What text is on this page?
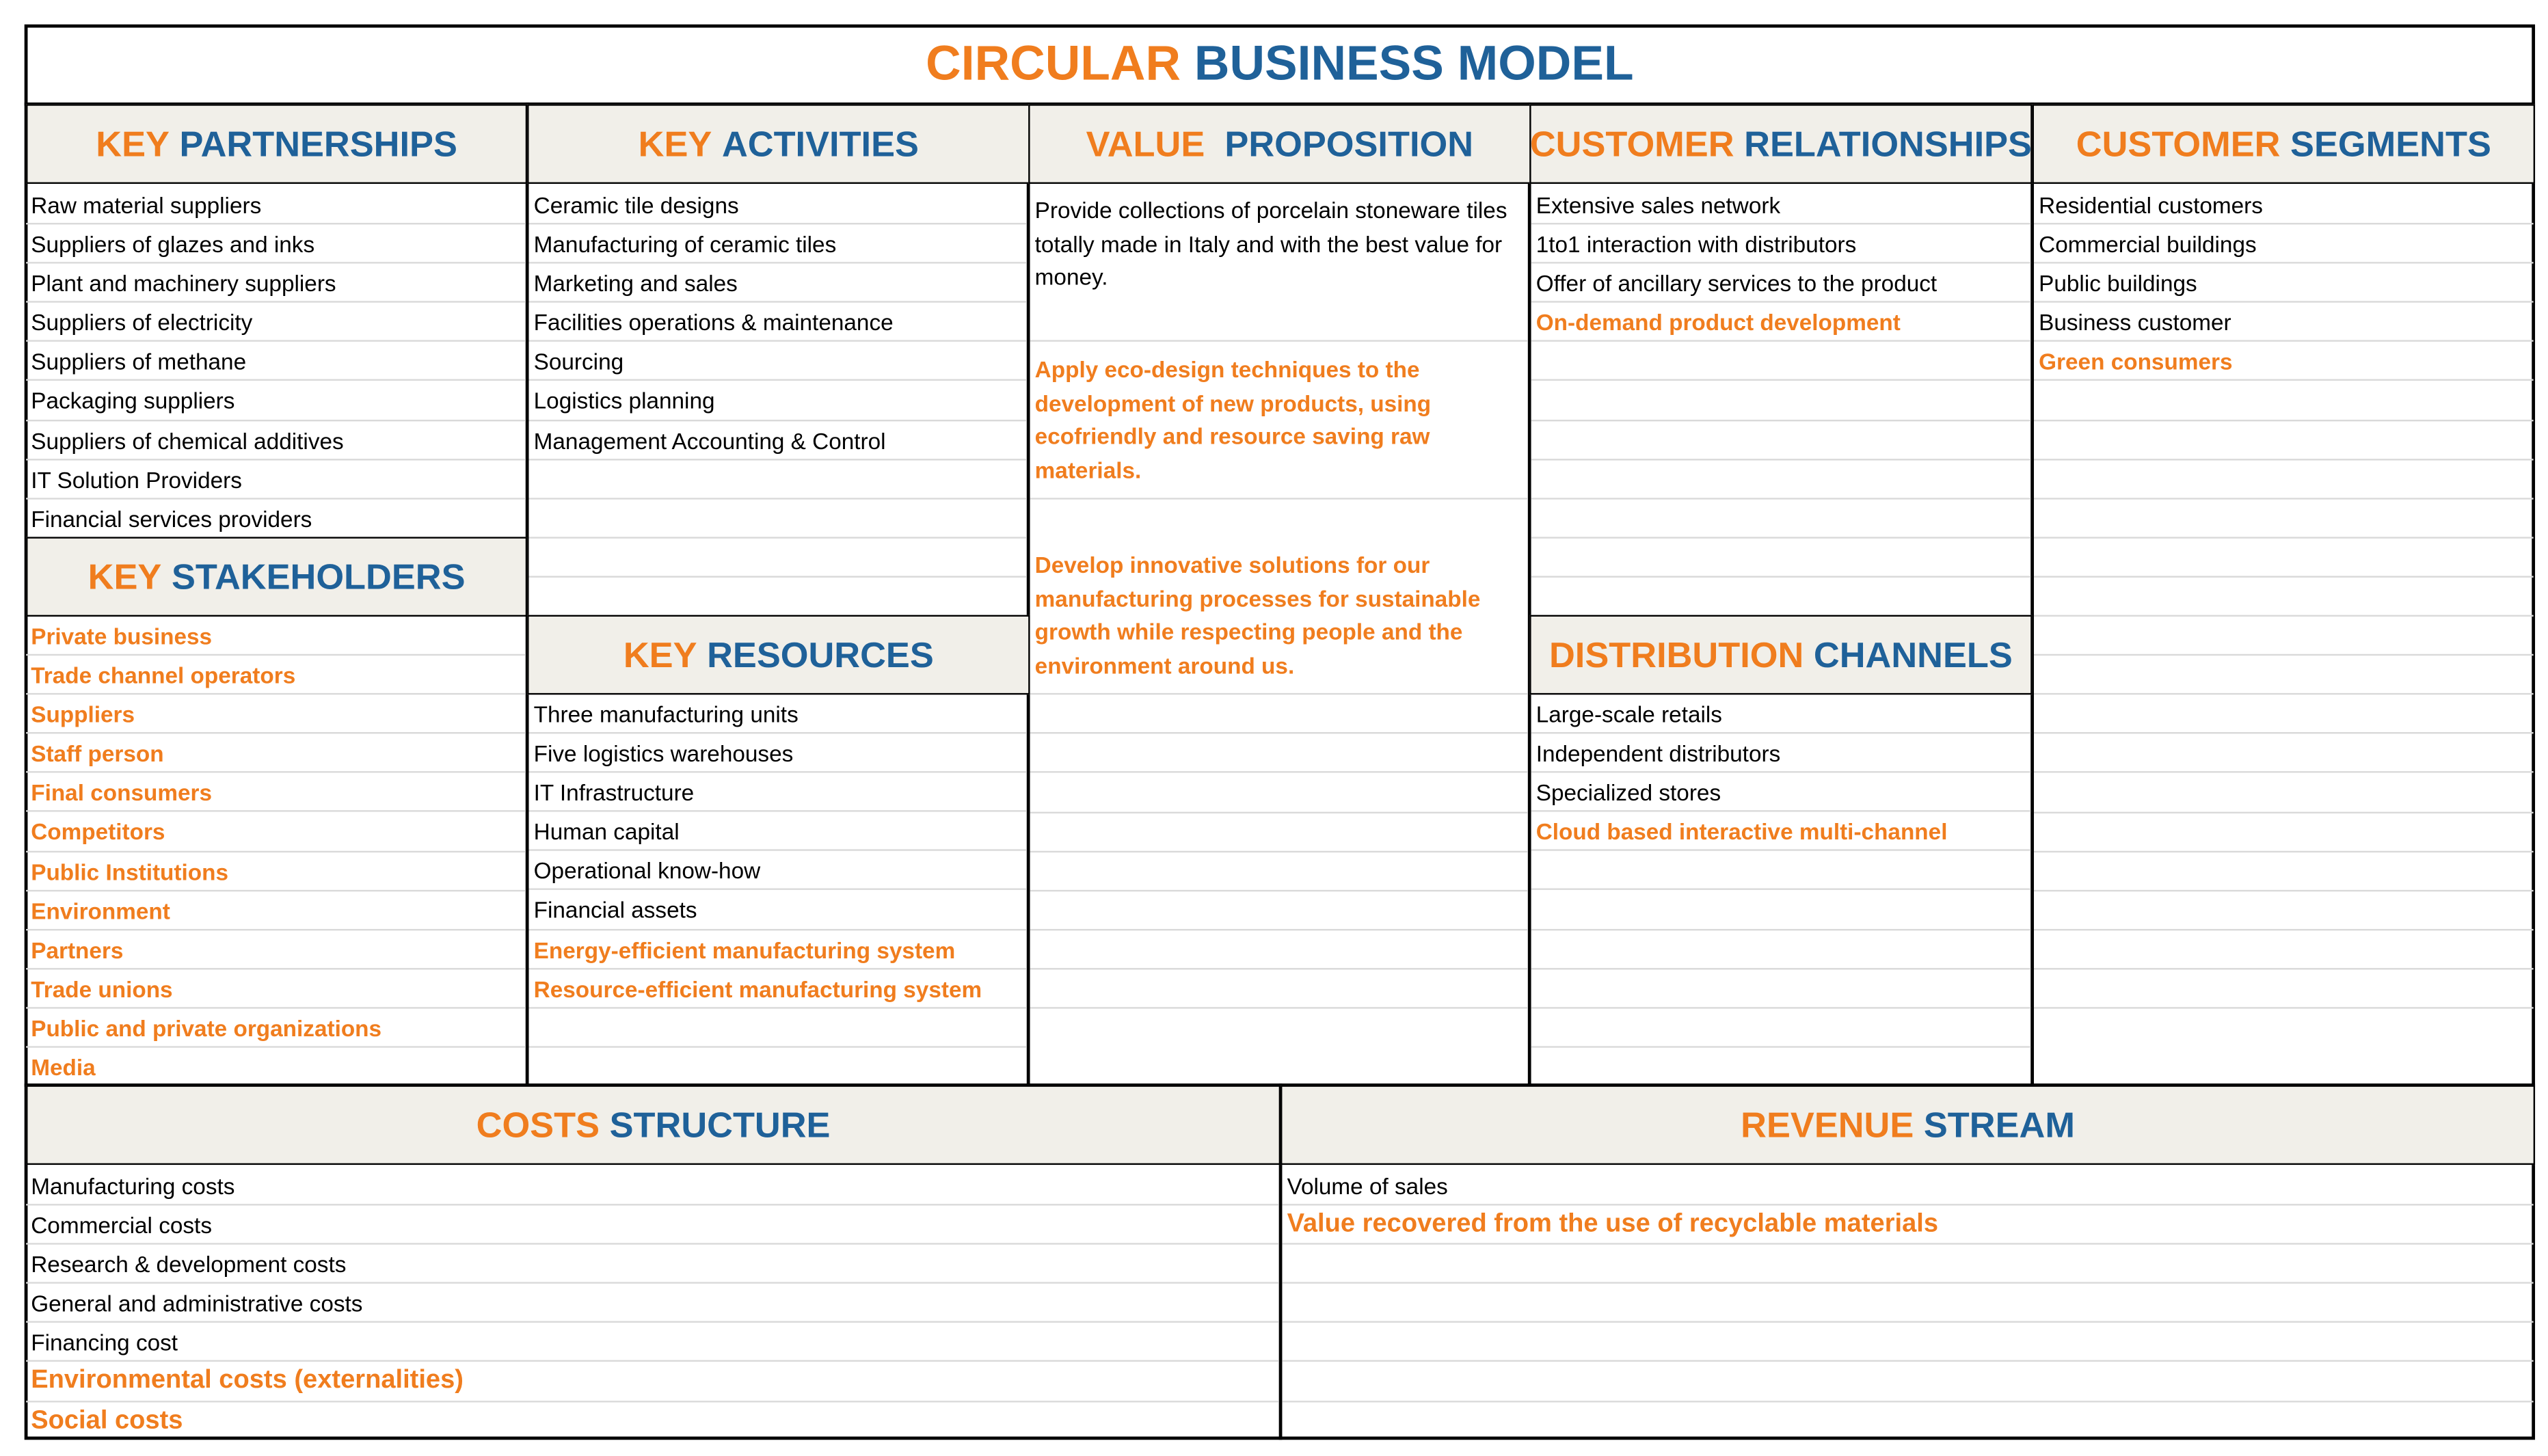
CIRCULAR
BUSINESS MODEL
KEY
PARTNERSHIPS
Raw material suppliers
Suppliers of glazes and inks
Plant and machinery suppliers
Suppliers of electricity
Suppliers of methane
Packaging suppliers
Suppliers of chemical additives
IT Solution Providers
Financial services providers
KEY
STAKEHOLDERS
Private business
Trade channel operators
Suppliers
Staff person
Final consumers
Competitors
Public Institutions
Environment
Partners
Trade unions
Public and private organizations
Media
KEY
ACTIVITIES
Ceramic tile designs
Manufacturing of ceramic tiles
Marketing and sales
Facilities operations & maintenance
Sourcing
Logistics planning
Management Accounting & Control
KEY
RESOURCES
Three manufacturing units
Five logistics warehouses
IT Infrastructure
Human capital
Operational know-how
Financial assets
Energy-efficient manufacturing system
Resource-efficient manufacturing system
VALUE
PROPOSITION

Provide collections of porcelain stoneware tiles totally made in Italy and with the best value for money.

Apply eco-design techniques to the development of new products, using ecofriendly and resource saving raw materials.

Develop innovative solutions for our manufacturing processes for sustainable growth while respecting people and the environment around us.

CUSTOMER
RELATIONSHIPS
Extensive sales network
1to1 interaction with distributors
Offer of ancillary services to the product
On-demand product development
DISTRIBUTION
CHANNELS
Large-scale retails
Independent distributors
Specialized stores
Cloud based interactive multi-channel
CUSTOMER
SEGMENTS
Residential customers
Commercial buildings
Public buildings
Business customer
Green consumers
COSTS
STRUCTURE
Manufacturing costs
Commercial costs
Research & development costs
General and administrative costs
Financing cost
Environmental costs (externalities)
Social costs
REVENUE
STREAM
Volume of sales
Value recovered from the use of recyclable materials
